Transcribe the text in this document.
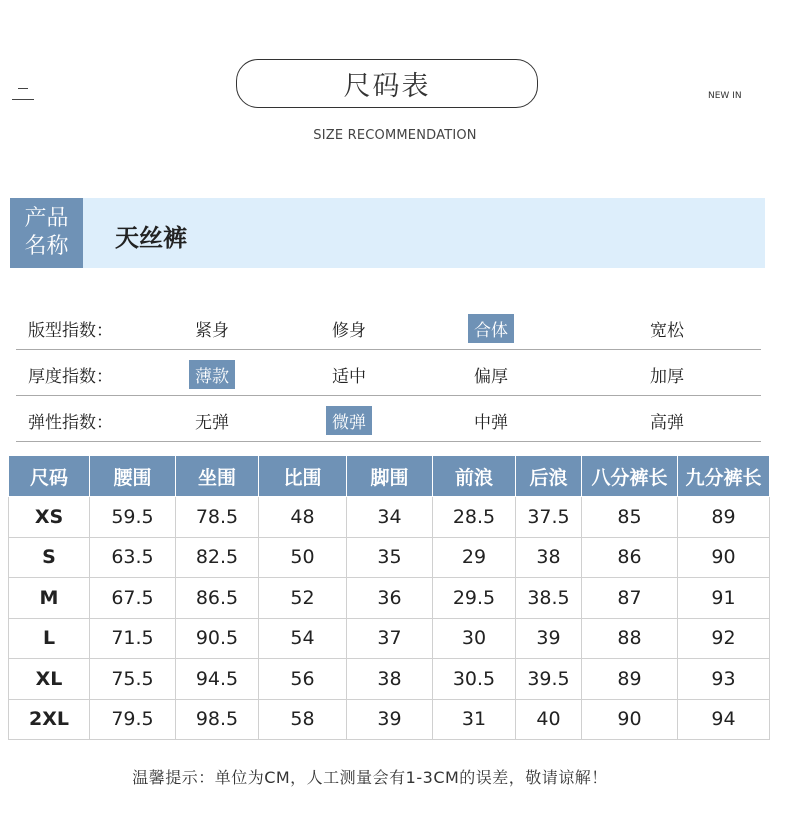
尺码表	NEW IN
SIZE RECOMMENDATION
产品
名称	天丝裤
版型指数：	紧身	修身	合体	宽松
厚度指数：	薄款	适中	偏厚	加厚
弹性指数：	无弹	微弹	中弹	高弹
尺码	腰围	坐围	比围	脚围	前浪	后浪	八分裤长	九分裤长
XS	59.5	78.5	48	34	28.5	37.5	85	89
S	63.5	82.5	50	35	29	38	86	90
M	67.5	86.5	52	36	29.5	38.5	87	91
L	71.5	90.5	54	37	30	39	88	92
XL	75.5	94.5	56	38	30.5	39.5	89	93
2XL	79.5	98.5	58	39	31	40	90	94
温馨提示：单位为CM，人工测量会有1-3CM的误差，敬请谅解！
